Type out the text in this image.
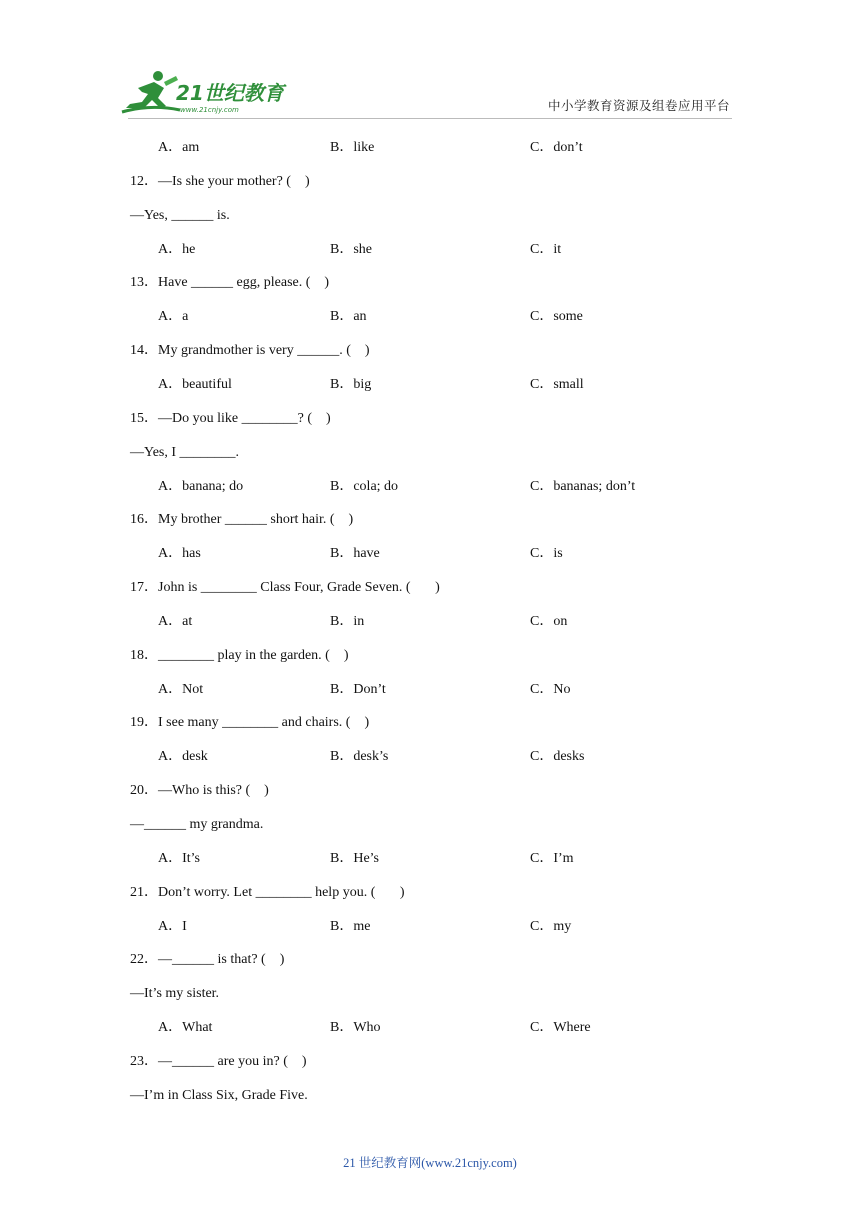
21世纪教育
www.21cnjy.com	中小学教育资源及组卷应用平台
A．am	B．like	C．don’t
12．—Is she your mother? (    )
—Yes, ______ is.
A．he	B．she	C．it
13．Have ______ egg, please. (    )
A．a	B．an	C．some
14．My grandmother is very ______. (    )
A．beautiful	B．big	C．small
15．—Do you like ________? (    )
—Yes, I ________.
A．banana; do	B．cola; do	C．bananas; don’t
16．My brother ______ short hair. (    )
A．has	B．have	C．is
17．John is ________ Class Four, Grade Seven. (       )
A．at	B．in	C．on
18．________ play in the garden. (    )
A．Not	B．Don’t	C．No
19．I see many ________ and chairs. (    )
A．desk	B．desk’s	C．desks
20．—Who is this? (    )
—______ my grandma.
A．It’s	B．He’s	C．I’m
21．Don’t worry. Let ________ help you. (       )
A．I	B．me	C．my
22．—______ is that? (    )
—It’s my sister.
A．What	B．Who	C．Where
23．—______ are you in? (    )
—I’m in Class Six, Grade Five.
21 世纪教育网(www.21cnjy.com)
